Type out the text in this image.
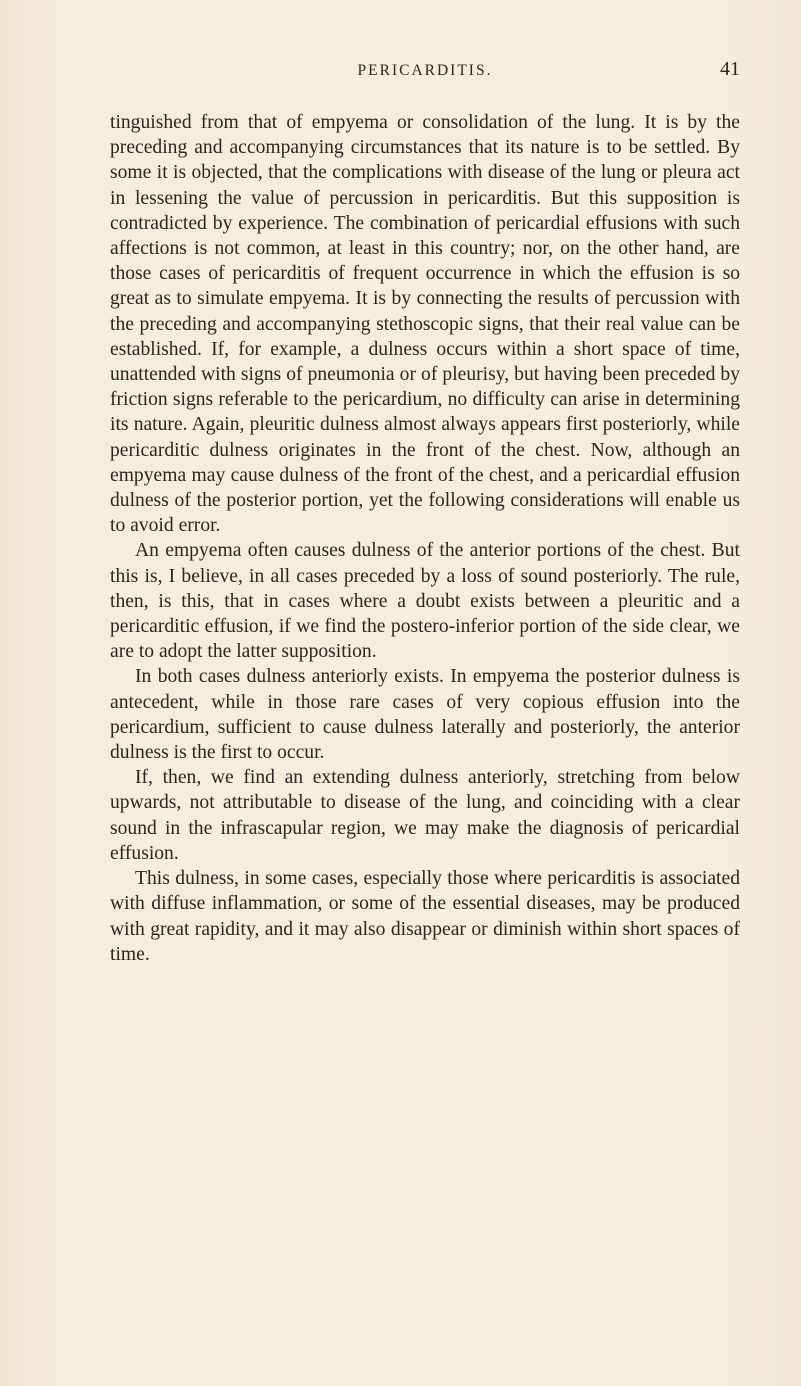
PERICARDITIS.	41

tinguished from that of empyema or consolidation of the lung. It is by the preceding and accompanying circumstances that its nature is to be settled. By some it is objected, that the complications with disease of the lung or pleura act in lessening the value of percussion in pericarditis. But this supposition is contradicted by experience. The combination of pericardial effusions with such affections is not common, at least in this country; nor, on the other hand, are those cases of pericarditis of frequent occurrence in which the effusion is so great as to simulate empyema. It is by connecting the results of percussion with the preceding and accompanying stethoscopic signs, that their real value can be established. If, for example, a dulness occurs within a short space of time, unattended with signs of pneumonia or of pleurisy, but having been preceded by friction signs referable to the pericardium, no difficulty can arise in determining its nature. Again, pleuritic dulness almost always appears first posteriorly, while pericarditic dulness originates in the front of the chest. Now, although an empyema may cause dulness of the front of the chest, and a pericardial effusion dulness of the posterior portion, yet the following considerations will enable us to avoid error.

An empyema often causes dulness of the anterior portions of the chest. But this is, I believe, in all cases preceded by a loss of sound posteriorly. The rule, then, is this, that in cases where a doubt exists between a pleuritic and a pericarditic effusion, if we find the postero-inferior portion of the side clear, we are to adopt the latter supposition.

In both cases dulness anteriorly exists. In empyema the posterior dulness is antecedent, while in those rare cases of very copious effusion into the pericardium, sufficient to cause dulness laterally and posteriorly, the anterior dulness is the first to occur.

If, then, we find an extending dulness anteriorly, stretching from below upwards, not attributable to disease of the lung, and coinciding with a clear sound in the infrascapular region, we may make the diagnosis of pericardial effusion.

This dulness, in some cases, especially those where pericarditis is associated with diffuse inflammation, or some of the essential diseases, may be produced with great rapidity, and it may also disappear or diminish within short spaces of time.
